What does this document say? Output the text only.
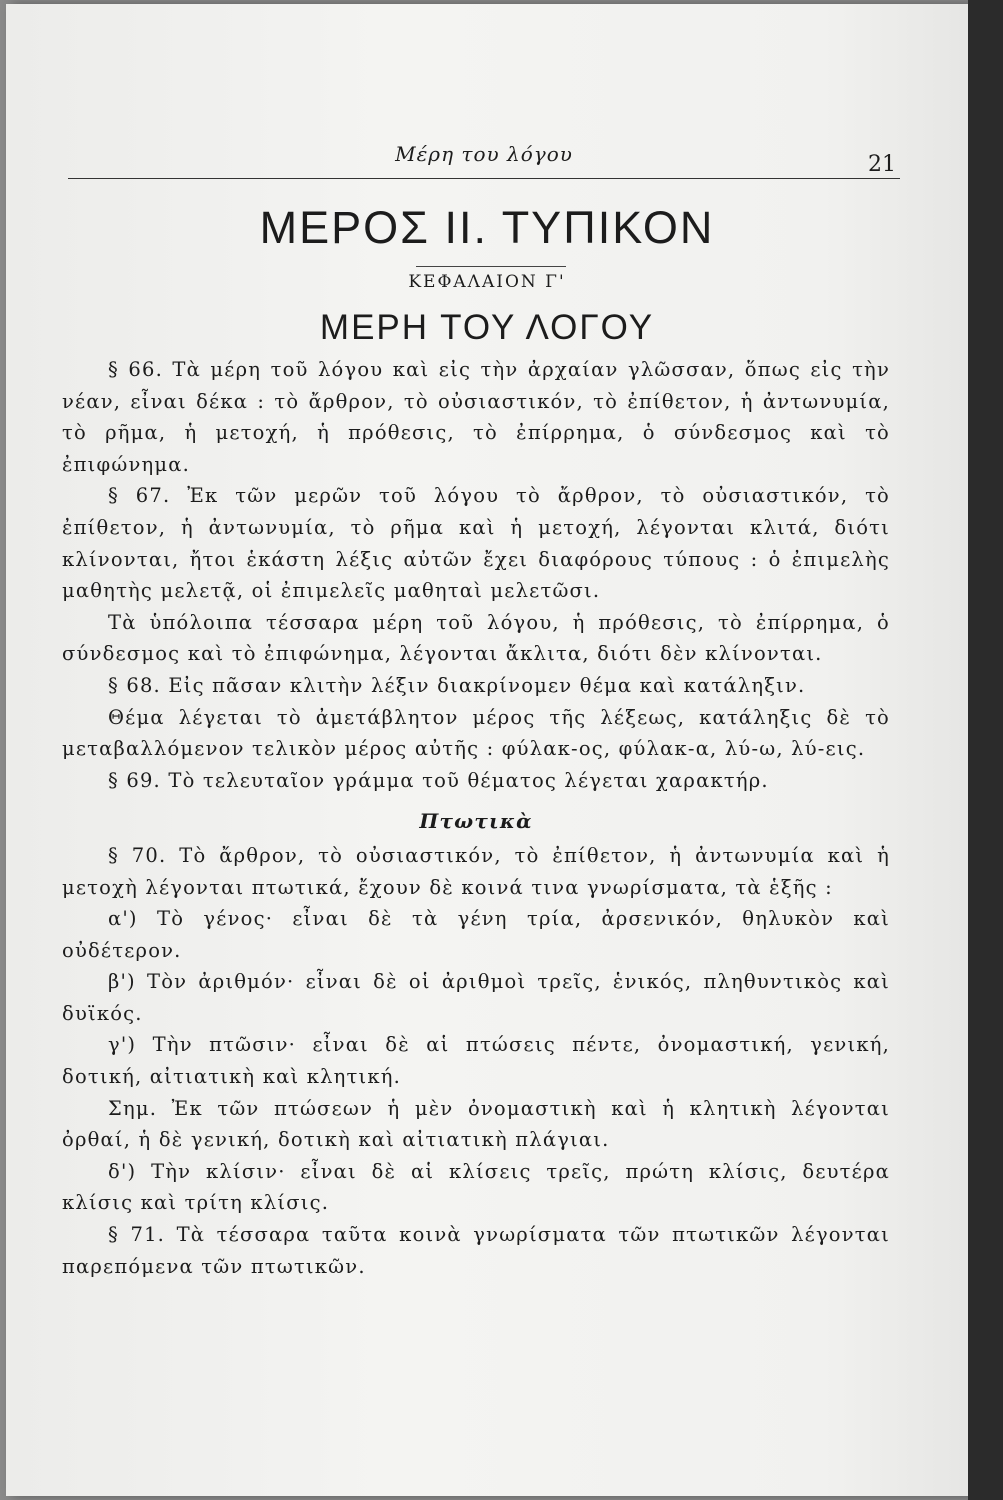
Μέρη του λόγου	21
ΜΕΡΟΣ ΙΙ. ΤΥΠΙΚΟΝ
ΚΕΦΑΛΑΙΟΝ Γ'
ΜΕΡΗ ΤΟΥ ΛΟΓΟΥ

§ 66. Τὰ μέρη τοῦ λόγου καὶ εἰς τὴν ἀρχαίαν γλῶσσαν, ὅπως εἰς τὴν νέαν, εἶναι δέκα : τὸ ἄρθρον, τὸ οὐσιαστικόν, τὸ ἐπίθετον, ἡ ἀντωνυμία, τὸ ρῆμα, ἡ μετοχή, ἡ πρόθεσις, τὸ ἐπίρρημα, ὁ σύνδεσμος καὶ τὸ ἐπιφώνημα.

§ 67. Ἐκ τῶν μερῶν τοῦ λόγου τὸ ἄρθρον, τὸ οὐσιαστικόν, τὸ ἐπίθετον, ἡ ἀντωνυμία, τὸ ρῆμα καὶ ἡ μετοχή, λέγονται κλιτά, διότι κλίνονται, ἤτοι ἑκάστη λέξις αὐτῶν ἔχει διαφόρους τύπους : ὁ ἐπιμελὴς μαθητὴς μελετᾷ, οἱ ἐπιμελεῖς μαθηταὶ μελετῶσι.

Τὰ ὑπόλοιπα τέσσαρα μέρη τοῦ λόγου, ἡ πρόθεσις, τὸ ἐπίρρημα, ὁ σύνδεσμος καὶ τὸ ἐπιφώνημα, λέγονται ἄκλιτα, διότι δὲν κλίνονται.

§ 68. Εἰς πᾶσαν κλιτὴν λέξιν διακρίνομεν θέμα καὶ κατάληξιν.

Θέμα λέγεται τὸ ἀμετάβλητον μέρος τῆς λέξεως, κατάληξις δὲ τὸ μεταβαλλόμενον τελικὸν μέρος αὐτῆς : φύλακ-ος, φύλακ-α, λύ-ω, λύ-εις.

§ 69. Τὸ τελευταῖον γράμμα τοῦ θέματος λέγεται χαρακτήρ.

Πτωτικὰ

§ 70. Τὸ ἄρθρον, τὸ οὐσιαστικόν, τὸ ἐπίθετον, ἡ ἀντωνυμία καὶ ἡ μετοχὴ λέγονται πτωτικά, ἔχουν δὲ κοινά τινα γνωρίσματα, τὰ ἑξῆς :

α') Τὸ γένος· εἶναι δὲ τὰ γένη τρία, ἀρσενικόν, θηλυκὸν καὶ οὐδέτερον.

β') Τὸν ἀριθμόν· εἶναι δὲ οἱ ἀριθμοὶ τρεῖς, ἑνικός, πληθυντικὸς καὶ δυϊκός.

γ') Τὴν πτῶσιν· εἶναι δὲ αἱ πτώσεις πέντε, ὀνομαστική, γενική, δοτική, αἰτιατικὴ καὶ κλητική.

Σημ. Ἐκ τῶν πτώσεων ἡ μὲν ὀνομαστικὴ καὶ ἡ κλητικὴ λέγονται ὀρθαί, ἡ δὲ γενική, δοτικὴ καὶ αἰτιατικὴ πλάγιαι.

δ') Τὴν κλίσιν· εἶναι δὲ αἱ κλίσεις τρεῖς, πρώτη κλίσις, δευτέρα κλίσις καὶ τρίτη κλίσις.

§ 71. Τὰ τέσσαρα ταῦτα κοινὰ γνωρίσματα τῶν πτωτικῶν λέγονται παρεπόμενα τῶν πτωτικῶν.
